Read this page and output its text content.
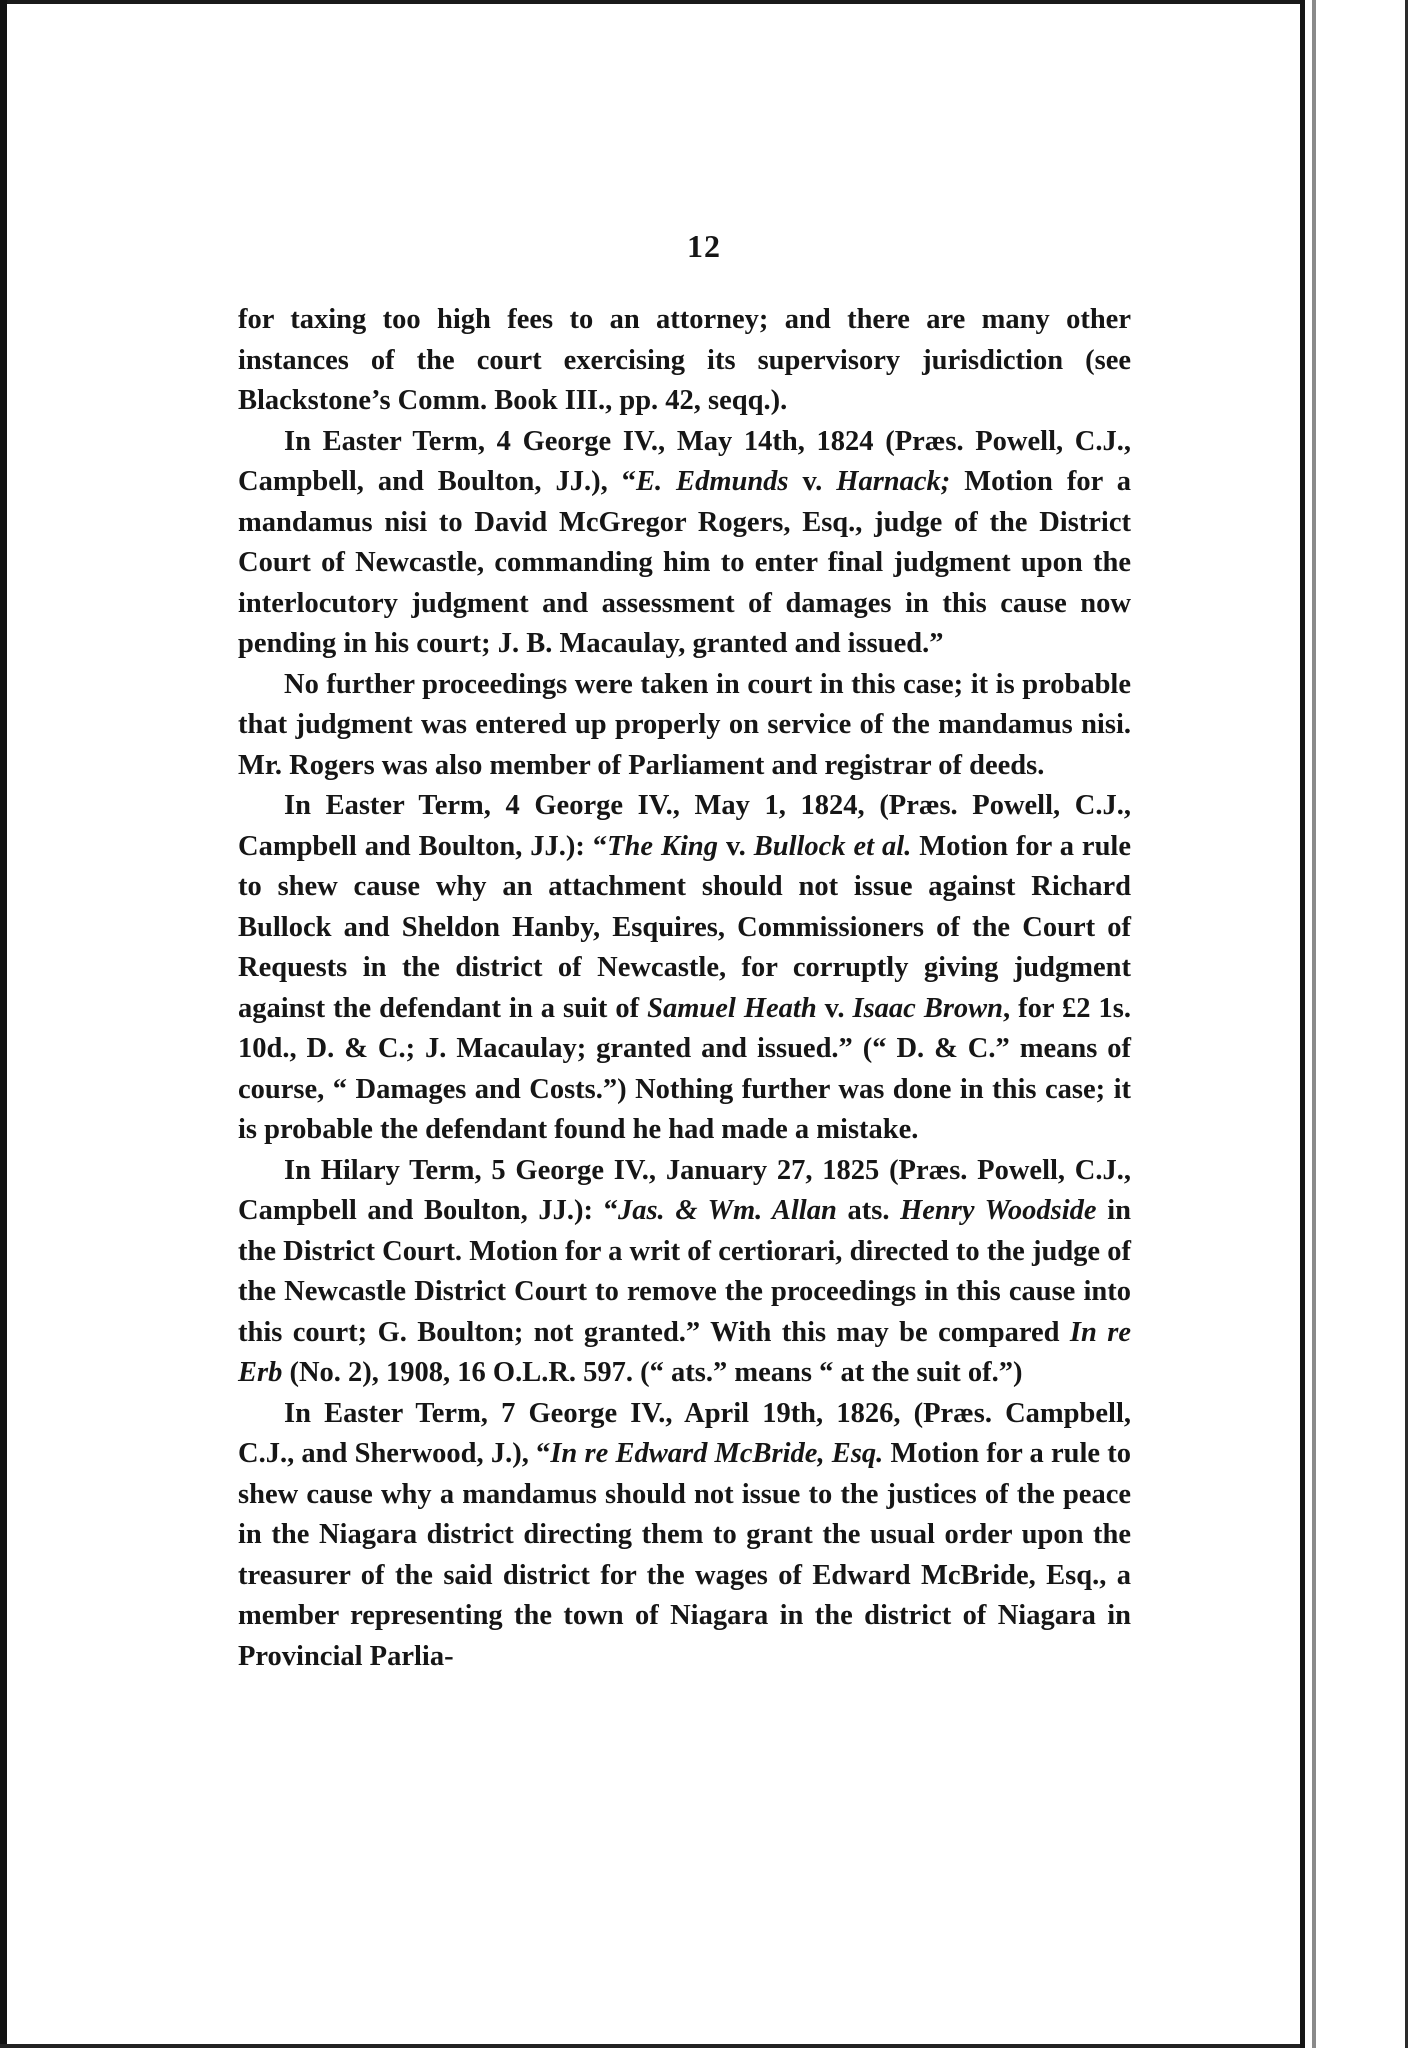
12

for taxing too high fees to an attorney; and there are many other instances of the court exercising its supervisory jurisdiction (see Blackstone’s Comm. Book III., pp. 42, seqq.).

In Easter Term, 4 George IV., May 14th, 1824 (Præs. Powell, C.J., Campbell, and Boulton, JJ.), “E. Edmunds v. Harnack; Motion for a mandamus nisi to David McGregor Rogers, Esq., judge of the District Court of Newcastle, commanding him to enter final judgment upon the interlocutory judgment and assessment of damages in this cause now pending in his court; J. B. Macaulay, granted and issued.”

No further proceedings were taken in court in this case; it is probable that judgment was entered up properly on service of the mandamus nisi. Mr. Rogers was also member of Parliament and registrar of deeds.

In Easter Term, 4 George IV., May 1, 1824, (Præs. Powell, C.J., Campbell and Boulton, JJ.): “The King v. Bullock et al. Motion for a rule to shew cause why an attachment should not issue against Richard Bullock and Sheldon Hanby, Esquires, Commissioners of the Court of Requests in the district of Newcastle, for corruptly giving judgment against the defendant in a suit of Samuel Heath v. Isaac Brown, for £2 1s. 10d., D. & C.; J. Macaulay; granted and issued.” (“ D. & C.” means of course, “ Damages and Costs.”) Nothing further was done in this case; it is probable the defendant found he had made a mistake.

In Hilary Term, 5 George IV., January 27, 1825 (Præs. Powell, C.J., Campbell and Boulton, JJ.): “Jas. & Wm. Allan ats. Henry Woodside in the District Court. Motion for a writ of certiorari, directed to the judge of the Newcastle District Court to remove the proceedings in this cause into this court; G. Boulton; not granted.” With this may be compared In re Erb (No. 2), 1908, 16 O.L.R. 597. (“ ats.” means “ at the suit of.”)

In Easter Term, 7 George IV., April 19th, 1826, (Præs. Campbell, C.J., and Sherwood, J.), “In re Edward McBride, Esq. Motion for a rule to shew cause why a mandamus should not issue to the justices of the peace in the Niagara district directing them to grant the usual order upon the treasurer of the said district for the wages of Edward McBride, Esq., a member representing the town of Niagara in the district of Niagara in Provincial Parlia-
